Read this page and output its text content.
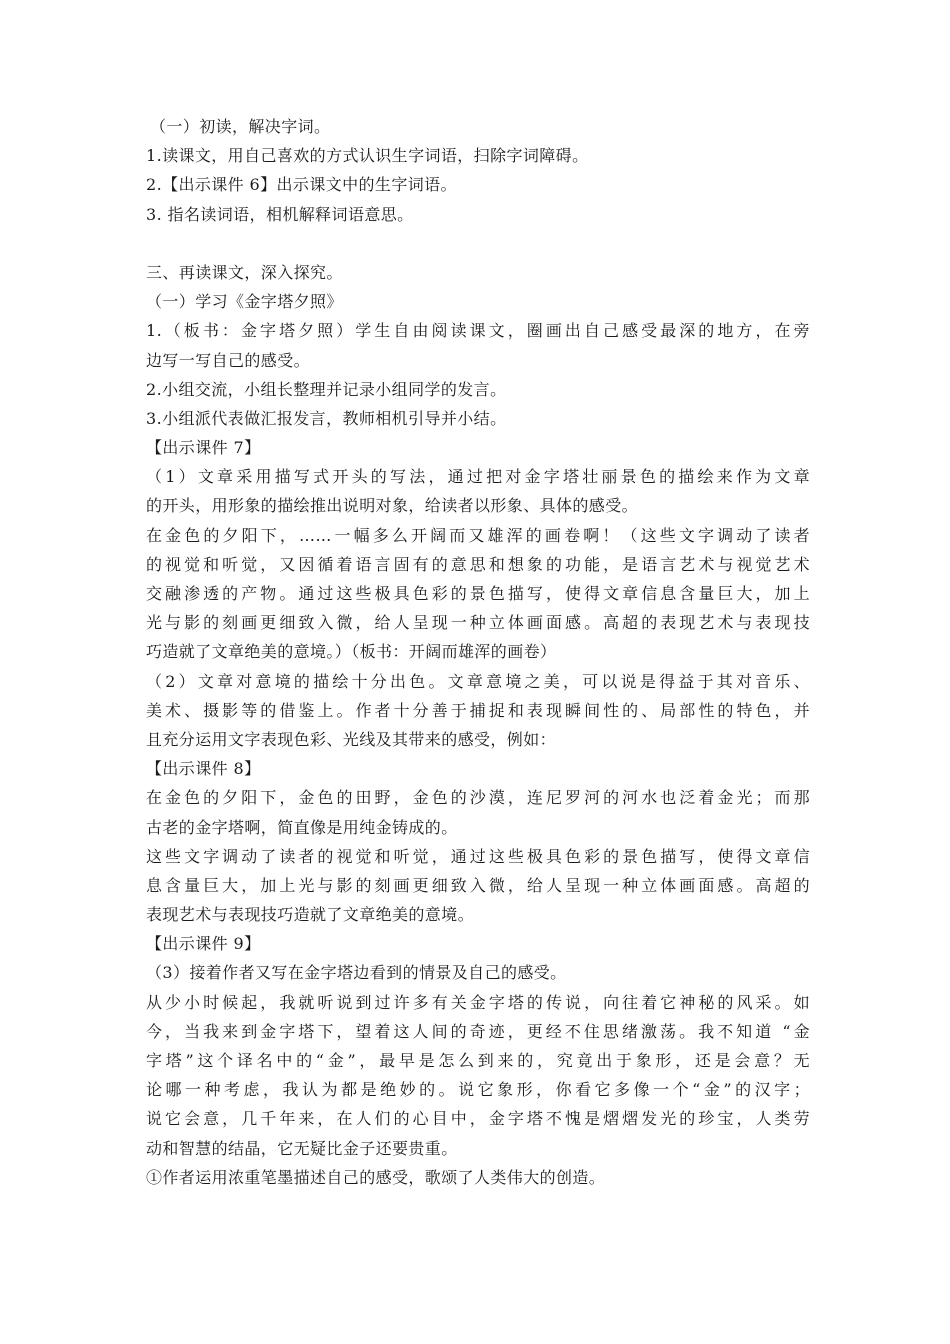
（一）初读，解决字词。
1.读课文，用自己喜欢的方式认识生字词语，扫除字词障碍。
2.【出示课件 6】出示课文中的生字词语。
3. 指名读词语，相机解释词语意思。
三、再读课文，深入探究。
（一）学习《金字塔夕照》
1.（板书：金字塔夕照）学生自由阅读课文，圈画出自己感受最深的地方，在旁
边写一写自己的感受。
2.小组交流，小组长整理并记录小组同学的发言。
3.小组派代表做汇报发言，教师相机引导并小结。
【出示课件 7】
（1）文章采用描写式开头的写法，通过把对金字塔壮丽景色的描绘来作为文章
的开头，用形象的描绘推出说明对象，给读者以形象、具体的感受。
在金色的夕阳下，……一幅多么开阔而又雄浑的画卷啊！（这些文字调动了读者
的视觉和听觉，又因循着语言固有的意思和想象的功能，是语言艺术与视觉艺术
交融渗透的产物。通过这些极具色彩的景色描写，使得文章信息含量巨大，加上
光与影的刻画更细致入微，给人呈现一种立体画面感。高超的表现艺术与表现技
巧造就了文章绝美的意境。）（板书：开阔而雄浑的画卷）
（2）文章对意境的描绘十分出色。文章意境之美，可以说是得益于其对音乐、
美术、摄影等的借鉴上。作者十分善于捕捉和表现瞬间性的、局部性的特色，并
且充分运用文字表现色彩、光线及其带来的感受，例如：
【出示课件 8】
在金色的夕阳下，金色的田野，金色的沙漠，连尼罗河的河水也泛着金光；而那
古老的金字塔啊，简直像是用纯金铸成的。
这些文字调动了读者的视觉和听觉，通过这些极具色彩的景色描写，使得文章信
息含量巨大，加上光与影的刻画更细致入微，给人呈现一种立体画面感。高超的
表现艺术与表现技巧造就了文章绝美的意境。
【出示课件 9】
（3）接着作者又写在金字塔边看到的情景及自己的感受。
从少小时候起，我就听说到过许多有关金字塔的传说，向往着它神秘的风采。如
今，当我来到金字塔下，望着这人间的奇迹，更经不住思绪激荡。我不知道 “金
字塔”这个译名中的“金”，最早是怎么到来的，究竟出于象形，还是会意？无
论哪一种考虑，我认为都是绝妙的。说它象形，你看它多像一个“金”的汉字；
说它会意，几千年来，在人们的心目中，金字塔不愧是熠熠发光的珍宝，人类劳
动和智慧的结晶，它无疑比金子还要贵重。
①作者运用浓重笔墨描述自己的感受，歌颂了人类伟大的创造。
